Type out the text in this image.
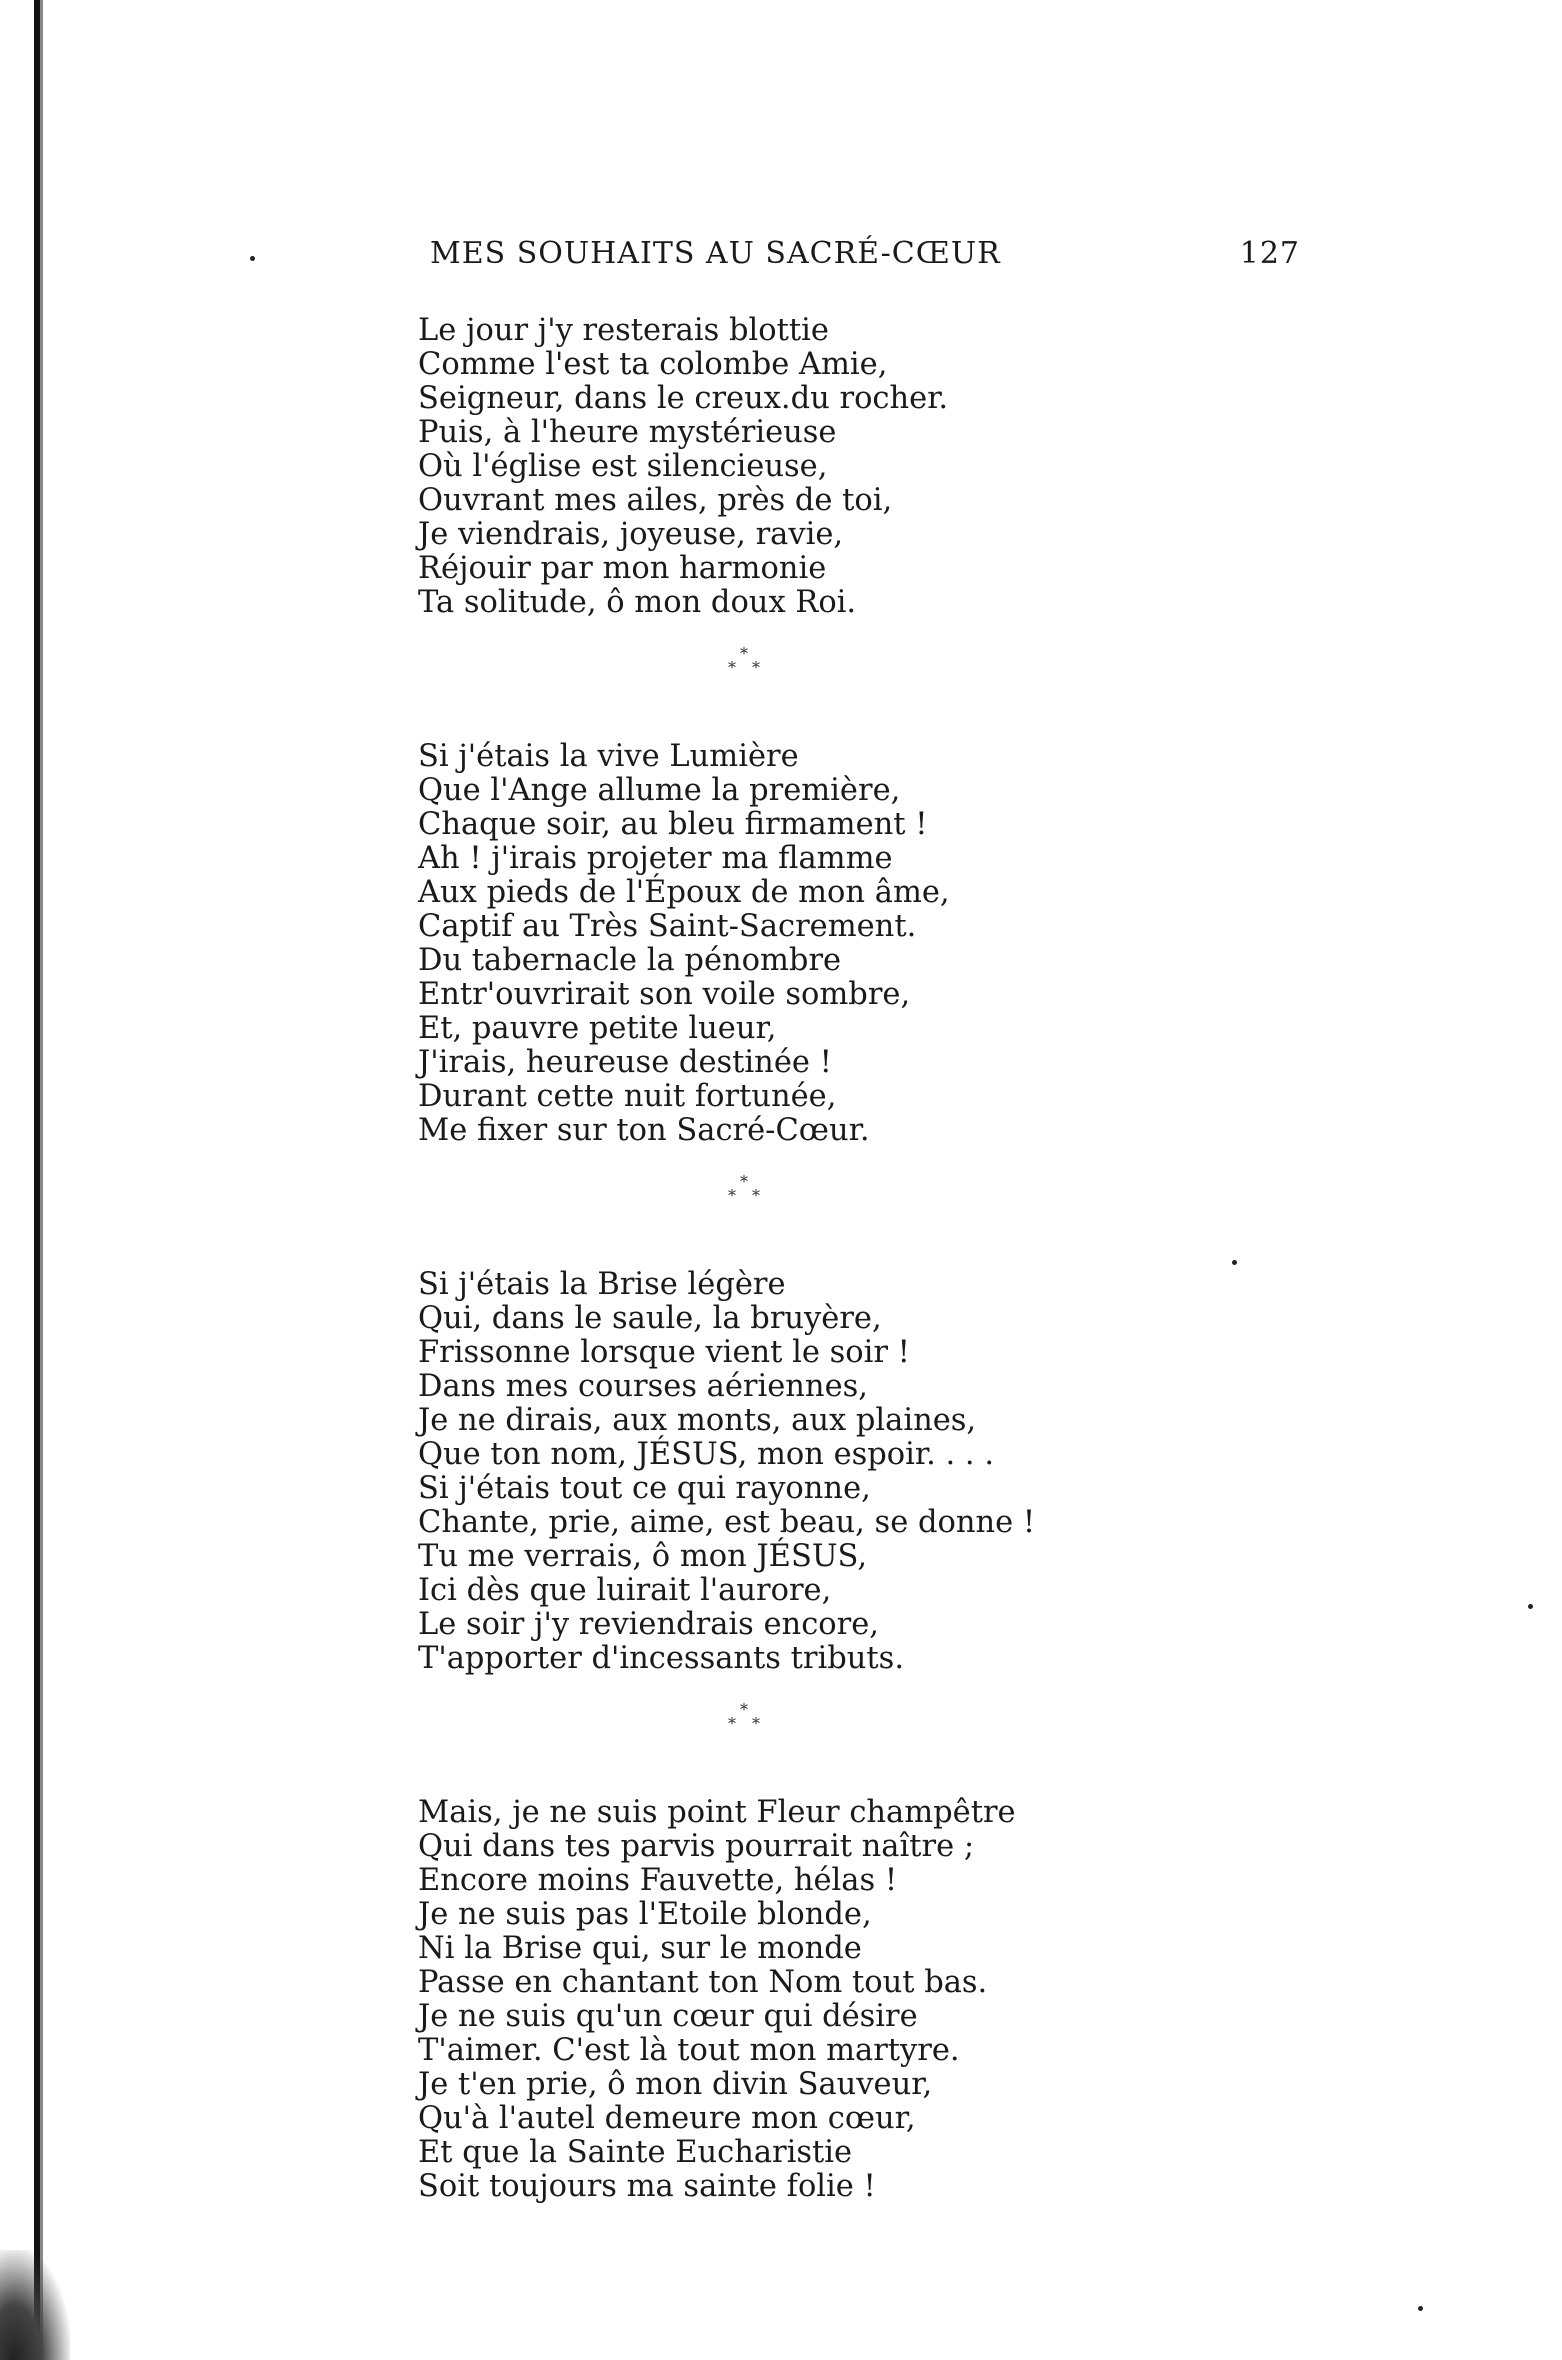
MES SOUHAITS AU SACRÉ-CŒUR	127
Le jour j'y resterais blottie
Comme l'est ta colombe Amie,
Seigneur, dans le creux.du rocher.
Puis, à l'heure mystérieuse
Où l'église est silencieuse,
Ouvrant mes ailes, près de toi,
Je viendrais, joyeuse, ravie,
Réjouir par mon harmonie
Ta solitude, ô mon doux Roi.
*
* *
Si j'étais la vive Lumière
Que l'Ange allume la première,
Chaque soir, au bleu firmament !
Ah ! j'irais projeter ma flamme
Aux pieds de l'Époux de mon âme,
Captif au Très Saint-Sacrement.
Du tabernacle la pénombre
Entr'ouvrirait son voile sombre,
Et, pauvre petite lueur,
J'irais, heureuse destinée !
Durant cette nuit fortunée,
Me fixer sur ton Sacré-Cœur.
*
* *
Si j'étais la Brise légère
Qui, dans le saule, la bruyère,
Frissonne lorsque vient le soir !
Dans mes courses aériennes,
Je ne dirais, aux monts, aux plaines,
Que ton nom, JÉSUS, mon espoir. . . .
Si j'étais tout ce qui rayonne,
Chante, prie, aime, est beau, se donne !
Tu me verrais, ô mon JÉSUS,
Ici dès que luirait l'aurore,
Le soir j'y reviendrais encore,
T'apporter d'incessants tributs.
*
* *
Mais, je ne suis point Fleur champêtre
Qui dans tes parvis pourrait naître ;
Encore moins Fauvette, hélas !
Je ne suis pas l'Etoile blonde,
Ni la Brise qui, sur le monde
Passe en chantant ton Nom tout bas.
Je ne suis qu'un cœur qui désire
T'aimer. C'est là tout mon martyre.
Je t'en prie, ô mon divin Sauveur,
Qu'à l'autel demeure mon cœur,
Et que la Sainte Eucharistie
Soit toujours ma sainte folie !
